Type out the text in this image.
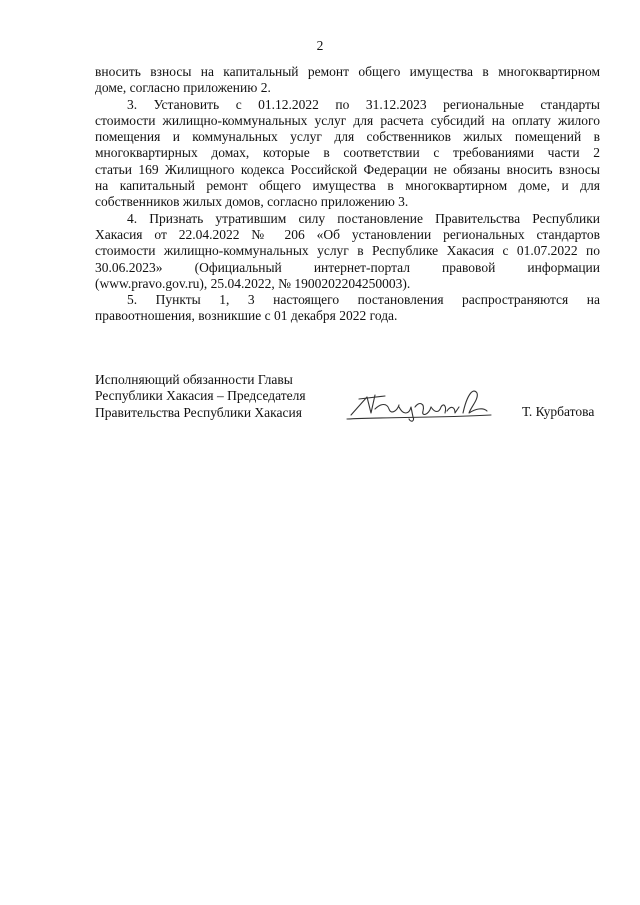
2

вносить взносы на капитальный ремонт общего имущества в многоквартирном
доме, согласно приложению 2.

3. Установить с 01.12.2022 по 31.12.2023 региональные стандарты
стоимости жилищно-коммунальных услуг для расчета субсидий на оплату жилого
помещения и коммунальных услуг для собственников жилых помещений в
многоквартирных домах, которые в соответствии с требованиями части 2
статьи 169 Жилищного кодекса Российской Федерации не обязаны вносить взносы
на капитальный ремонт общего имущества в многоквартирном доме, и для
собственников жилых домов, согласно приложению 3.

4. Признать утратившим силу постановление Правительства Республики
Хакасия от 22.04.2022 № 206 «Об установлении региональных стандартов
стоимости жилищно-коммунальных услуг в Республике Хакасия с 01.07.2022 по
30.06.2023» (Официальный интернет-портал правовой информации
(www.pravo.gov.ru), 25.04.2022, № 1900202204250003).

5. Пункты 1, 3 настоящего постановления распространяются на
правоотношения, возникшие с 01 декабря 2022 года.

Исполняющий обязанности Главы
Республики Хакасия – Председателя
Правительства Республики Хакасия	Т. Курбатова
